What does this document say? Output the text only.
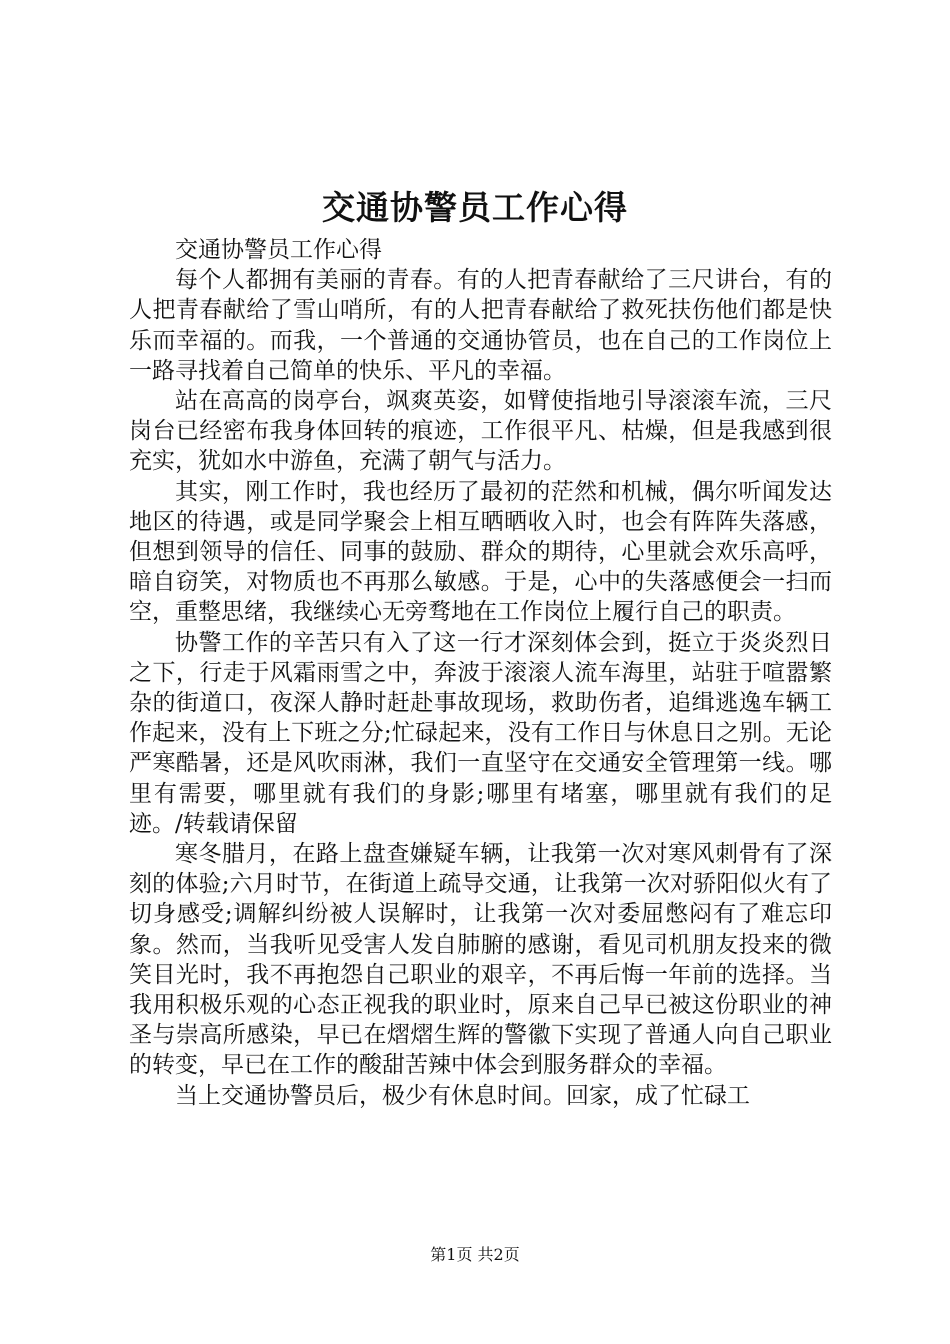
交通协警员工作心得

交通协警员工作心得

每个人都拥有美丽的青春。有的人把青春献给了三尺讲台，有的人把青春献给了雪山哨所，有的人把青春献给了救死扶伤他们都是快乐而幸福的。而我，一个普通的交通协管员，也在自己的工作岗位上一路寻找着自己简单的快乐、平凡的幸福。

站在高高的岗亭台，飒爽英姿，如臂使指地引导滚滚车流，三尺岗台已经密布我身体回转的痕迹，工作很平凡、枯燥，但是我感到很充实，犹如水中游鱼，充满了朝气与活力。

其实，刚工作时，我也经历了最初的茫然和机械，偶尔听闻发达地区的待遇，或是同学聚会上相互晒晒收入时，也会有阵阵失落感，但想到领导的信任、同事的鼓励、群众的期待，心里就会欢乐高呼，暗自窃笑，对物质也不再那么敏感。于是，心中的失落感便会一扫而空，重整思绪，我继续心无旁骛地在工作岗位上履行自己的职责。

协警工作的辛苦只有入了这一行才深刻体会到，挺立于炎炎烈日之下，行走于风霜雨雪之中，奔波于滚滚人流车海里，站驻于喧嚣繁杂的街道口，夜深人静时赶赴事故现场，救助伤者，追缉逃逸车辆工作起来，没有上下班之分;忙碌起来，没有工作日与休息日之别。无论严寒酷暑，还是风吹雨淋，我们一直坚守在交通安全管理第一线。哪里有需要，哪里就有我们的身影;哪里有堵塞，哪里就有我们的足迹。/转载请保留

寒冬腊月，在路上盘查嫌疑车辆，让我第一次对寒风刺骨有了深刻的体验;六月时节，在街道上疏导交通，让我第一次对骄阳似火有了切身感受;调解纠纷被人误解时，让我第一次对委屈憋闷有了难忘印象。然而，当我听见受害人发自肺腑的感谢，看见司机朋友投来的微笑目光时，我不再抱怨自己职业的艰辛，不再后悔一年前的选择。当我用积极乐观的心态正视我的职业时，原来自己早已被这份职业的神圣与崇高所感染，早已在熠熠生辉的警徽下实现了普通人向自己职业的转变，早已在工作的酸甜苦辣中体会到服务群众的幸福。

当上交通协警员后，极少有休息时间。回家，成了忙碌工

第1页 共2页
